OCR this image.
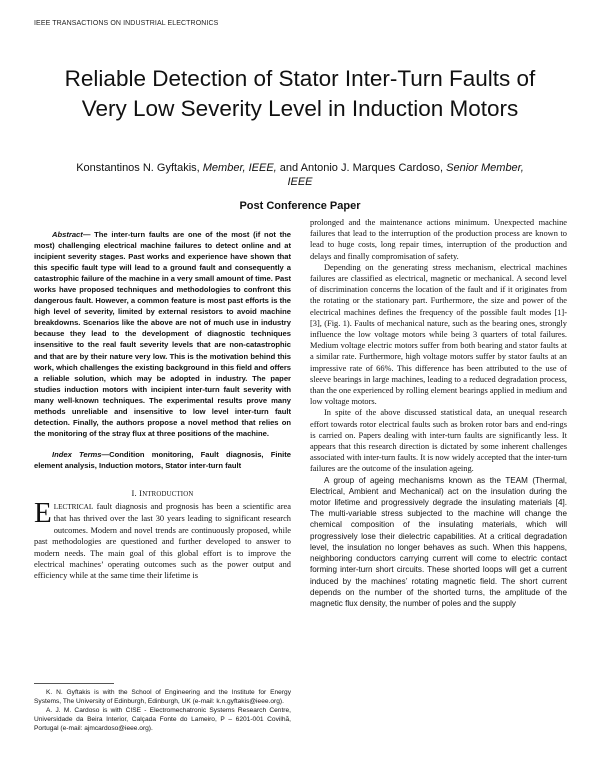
IEEE TRANSACTIONS ON INDUSTRIAL ELECTRONICS
Reliable Detection of Stator Inter-Turn Faults of Very Low Severity Level in Induction Motors
Konstantinos N. Gyftakis, Member, IEEE, and Antonio J. Marques Cardoso, Senior Member, IEEE
Post Conference Paper

Abstract— The inter-turn faults are one of the most (if not the most) challenging electrical machine failures to detect online and at incipient severity stages. Past works and experience have shown that this specific fault type will lead to a ground fault and consequently a catastrophic failure of the machine in a very small amount of time. Past works have proposed techniques and methodologies to confront this dangerous fault. However, a common feature is most past efforts is the high level of severity, limited by external resistors to avoid machine breakdowns. Scenarios like the above are not of much use in industry because they lead to the development of diagnostic techniques insensitive to the real fault severity levels that are non-catastrophic and that are by their nature very low. This is the motivation behind this work, which challenges the existing background in this field and offers a reliable solution, which may be adopted in industry. The paper studies induction motors with incipient inter-turn fault severity with many well-known techniques. The experimental results prove many methods unreliable and insensitive to low level inter-turn fault detection. Finally, the authors propose a novel method that relies on the monitoring of the stray flux at three positions of the machine.

Index Terms—Condition monitoring, Fault diagnosis, Finite element analysis, Induction motors, Stator inter-turn fault

I. INTRODUCTION

ELECTRICAL fault diagnosis and prognosis has been a scientific area that has thrived over the last 30 years leading to significant research outcomes. Modern and novel trends are continuously proposed, while past methodologies are questioned and further developed to answer to modern needs. The main goal of this global effort is to improve the electrical machines’ operating outcomes such as the power output and efficiency while at the same time their lifetime is

K. N. Gyftakis is with the School of Engineering and the Institute for Energy Systems, The University of Edinburgh, Edinburgh, UK (e-mail: k.n.gyftakis@ieee.org).

A. J. M. Cardoso is with CISE - Electromechatronic Systems Research Centre, Universidade da Beira Interior, Calçada Fonte do Lameiro, P – 6201-001 Covilhã, Portugal (e-mail: ajmcardoso@ieee.org).

prolonged and the maintenance actions minimum. Unexpected machine failures that lead to the interruption of the production process are known to lead to huge costs, long repair times, interruption of the production and delays and finally compromisation of safety.

Depending on the generating stress mechanism, electrical machines failures are classified as electrical, magnetic or mechanical. A second level of discrimination concerns the location of the fault and if it originates from the rotating or the stationary part. Furthermore, the size and power of the electrical machines defines the frequency of the possible fault modes [1]-[3], (Fig. 1). Faults of mechanical nature, such as the bearing ones, strongly influence the low voltage motors while being 3 quarters of total failures. Medium voltage electric motors suffer from both bearing and stator faults at a similar rate. Furthermore, high voltage motors suffer by stator faults at an impressive rate of 66%. This difference has been attributed to the use of sleeve bearings in large machines, leading to a reduced degradation process, than the one experienced by rolling element bearings applied in medium and low voltage motors.

In spite of the above discussed statistical data, an unequal research effort towards rotor electrical faults such as broken rotor bars and end-rings is carried on. Papers dealing with inter-turn faults are significantly less. It appears that this research direction is dictated by some inherent challenges associated with inter-turn faults. It is now widely accepted that the inter-turn failures are the outcome of the insulation ageing.

A group of ageing mechanisms known as the TEAM (Thermal, Electrical, Ambient and Mechanical) act on the insulation during the motor lifetime and progressively degrade the insulating materials [4]. The multi-variable stress subjected to the machine will change the chemical composition of the insulating materials, which will progressively lose their dielectric capabilities. At a critical degradation level, the insulation no longer behaves as such. When this happens, neighboring conductors carrying current will come to electric contact forming inter-turn short circuits. These shorted loops will get a current induced by the machines’ rotating magnetic field. The short current depends on the number of the shorted turns, the amplitude of the magnetic flux density, the number of poles and the supply
